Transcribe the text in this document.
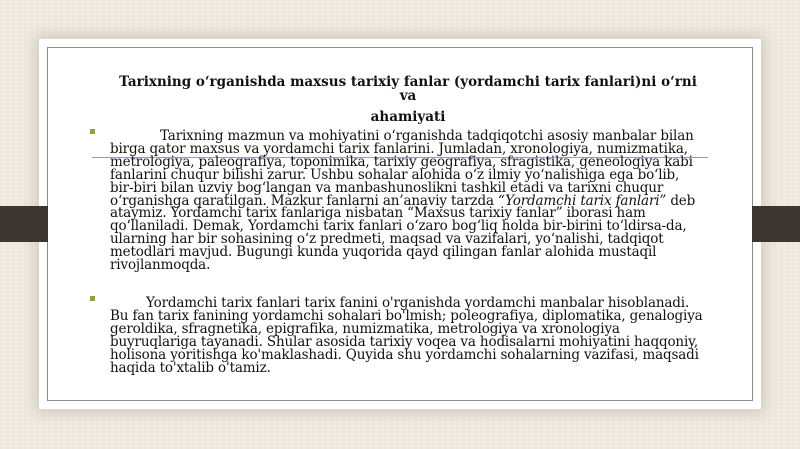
Tarixning o‘rganishda maxsus tarixiy fanlar (yordamchi tarix fanlari)ni o‘rni

va

ahamiyati

Tarixning mazmun va mohiyatini o‘rganishda tadqiqotchi asosiy manbalar bilan birga qator maxsus va yordamchi tarix fanlarini. Jumladan, xronologiya, numizmatika, metrologiya, paleografiya, toponimika, tarixiy geografiya, sfragistika, geneologiya kabi fanlarini chuqur bilishi zarur. Ushbu sohalar alohida o‘z ilmiy yo‘nalishiga ega bo‘lib, bir-biri bilan uzviy bog‘langan va manbashunoslikni tashkil etadi va tarixni chuqur o‘rganishga qaratilgan. Mazkur fanlarni an’anaviy tarzda “Yordamchi tarix fanlari” deb ataymiz. Yordamchi tarix fanlariga nisbatan “Maxsus tarixiy fanlar” iborasi ham qo‘llaniladi. Demak, Yordamchi tarix fanlari o‘zaro bog‘liq holda bir-birini to‘ldirsa-da, ularning har bir sohasining o‘z predmeti, maqsad va vazifalari, yo‘nalishi, tadqiqot metodlari mavjud. Bugungi kunda yuqorida qayd qilingan fanlar alohida mustaqil rivojlanmoqda.

Yordamchi tarix fanlari tarix fanini o'rganishda yordamchi manbalar hisoblanadi. Bu fan tarix fanining yordamchi sohalari bo'lmish; poleografiya, diplomatika, genalogiya geroldika, sfragnetika, epigrafika, numizmatika, metrologiya va xronologiya buyruqlariga tayanadi. Shular asosida tarixiy voqea va hodisalarni mohiyatini haqqoniy, holisona yoritishga ko'maklashadi. Quyida shu yordamchi sohalarning vazifasi, maqsadi haqida to'xtalib o'tamiz.
